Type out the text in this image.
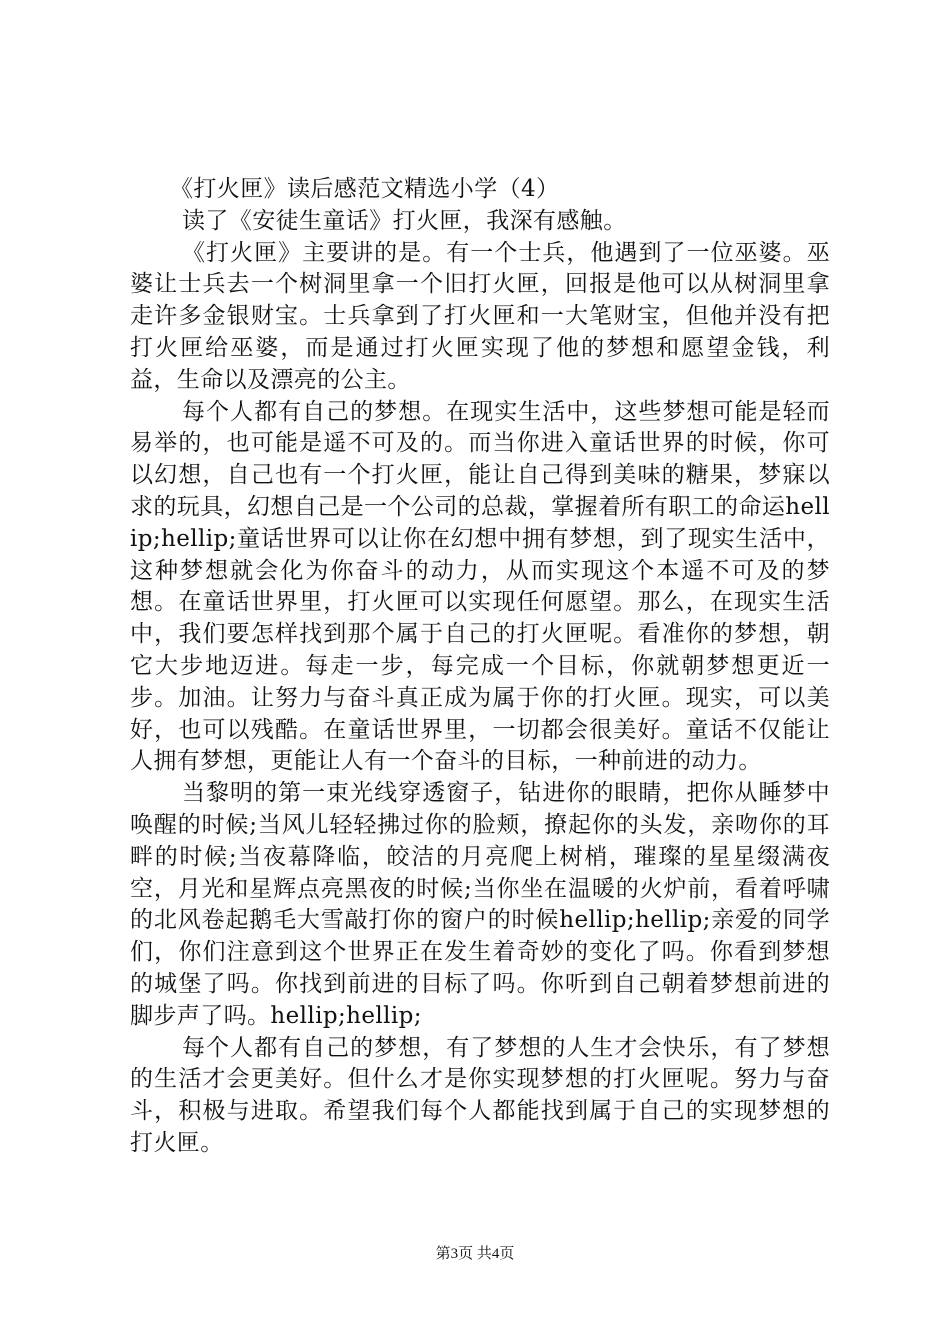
《打火匣》读后感范文精选小学（4）

读了《安徒生童话》打火匣，我深有感触。

《打火匣》主要讲的是。有一个士兵，他遇到了一位巫婆。巫婆让士兵去一个树洞里拿一个旧打火匣，回报是他可以从树洞里拿走许多金银财宝。士兵拿到了打火匣和一大笔财宝，但他并没有把打火匣给巫婆，而是通过打火匣实现了他的梦想和愿望金钱，利益，生命以及漂亮的公主。

每个人都有自己的梦想。在现实生活中，这些梦想可能是轻而易举的，也可能是遥不可及的。而当你进入童话世界的时候，你可以幻想，自己也有一个打火匣，能让自己得到美味的糖果，梦寐以求的玩具，幻想自己是一个公司的总裁，掌握着所有职工的命运hellip;hellip;童话世界可以让你在幻想中拥有梦想，到了现实生活中，这种梦想就会化为你奋斗的动力，从而实现这个本遥不可及的梦想。在童话世界里，打火匣可以实现任何愿望。那么，在现实生活中，我们要怎样找到那个属于自己的打火匣呢。看准你的梦想，朝它大步地迈进。每走一步，每完成一个目标，你就朝梦想更近一步。加油。让努力与奋斗真正成为属于你的打火匣。现实，可以美好，也可以残酷。在童话世界里，一切都会很美好。童话不仅能让人拥有梦想，更能让人有一个奋斗的目标，一种前进的动力。

当黎明的第一束光线穿透窗子，钻进你的眼睛，把你从睡梦中唤醒的时候;当风儿轻轻拂过你的脸颊，撩起你的头发，亲吻你的耳畔的时候;当夜幕降临，皎洁的月亮爬上树梢，璀璨的星星缀满夜空，月光和星辉点亮黑夜的时候;当你坐在温暖的火炉前，看着呼啸的北风卷起鹅毛大雪敲打你的窗户的时候hellip;hellip;亲爱的同学们，你们注意到这个世界正在发生着奇妙的变化了吗。你看到梦想的城堡了吗。你找到前进的目标了吗。你听到自己朝着梦想前进的脚步声了吗。hellip;hellip;

每个人都有自己的梦想，有了梦想的人生才会快乐，有了梦想的生活才会更美好。但什么才是你实现梦想的打火匣呢。努力与奋斗，积极与进取。希望我们每个人都能找到属于自己的实现梦想的打火匣。

第3页 共4页
